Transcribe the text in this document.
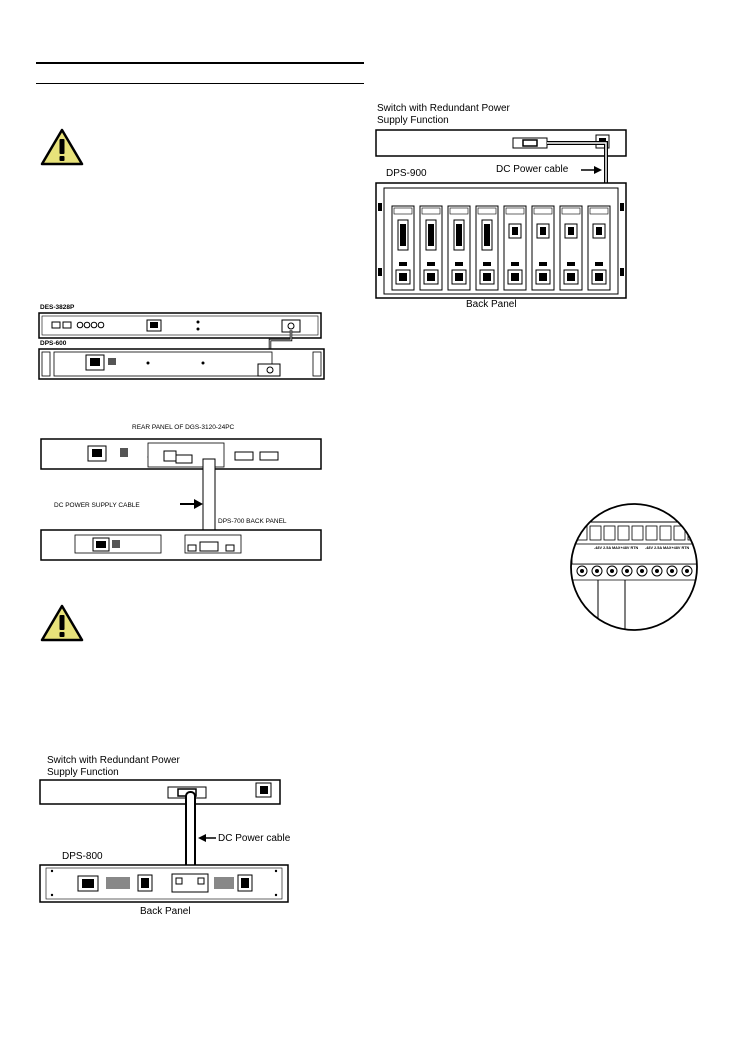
Switch with Redundant Power
Supply Function
DC Power cable
DPS-900
Back Panel
DES-3828P
DPS-600
REAR PANEL OF DGS-3120-24PC
DC POWER SUPPLY CABLE
DPS-700 BACK PANEL
-48V 2.5A MAX+48V RTN	-48V 2.5A MAX+48V RTN
Switch with Redundant Power
Supply Function
DC Power cable
DPS-800
Back Panel
